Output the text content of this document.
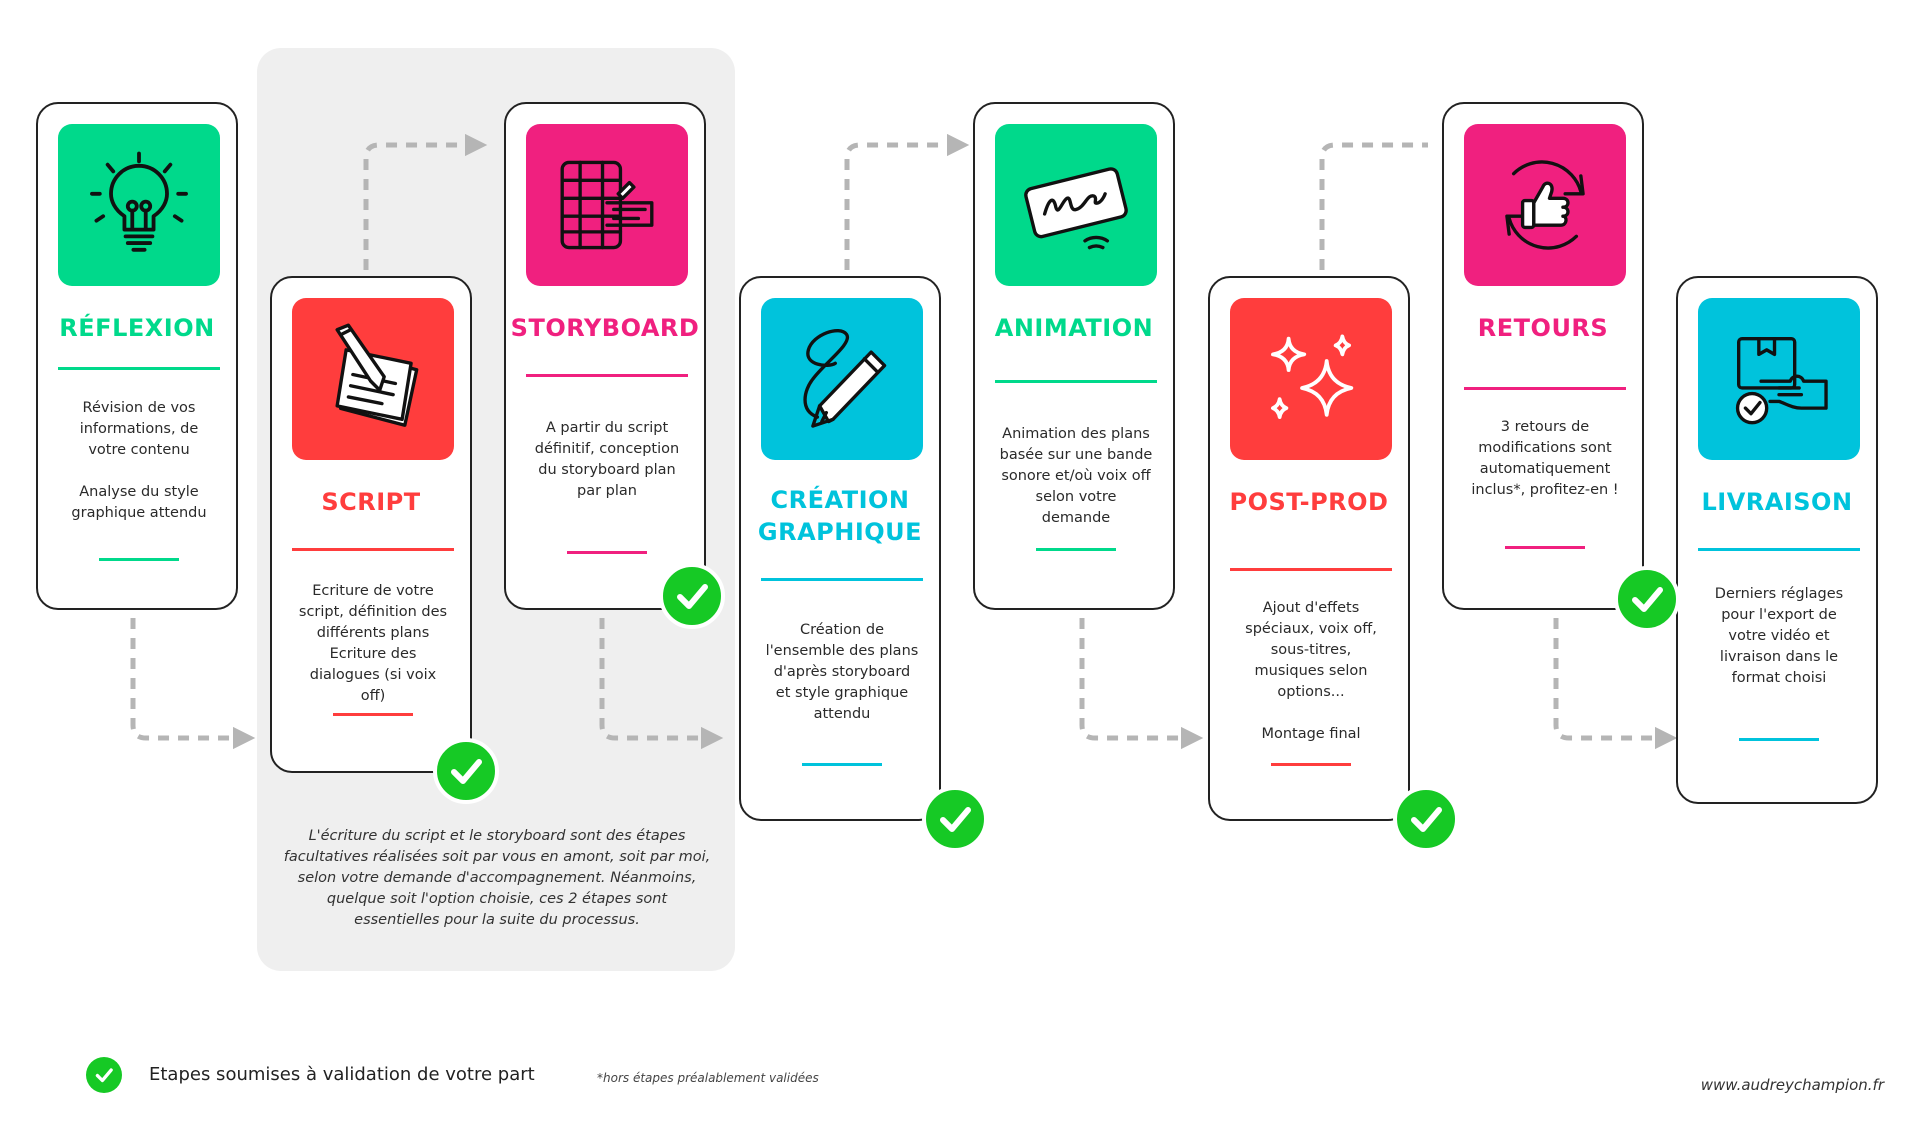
RÉFLEXION
Révision de vos
informations, de
votre contenu

Analyse du style
graphique attendu	SCRIPT
Ecriture de votre
script, définition des
différents plans
Ecriture des
dialogues (si voix
off)
STORYBOARD
A partir du script
définitif, conception
du storyboard plan
par plan	CRÉATION
GRAPHIQUE
Création de
l'ensemble des plans
d'après storyboard
et style graphique
attendu
ANIMATION
Animation des plans
basée sur une bande
sonore et/où voix off
selon votre
demande
POST-PROD
Ajout d'effets
spéciaux, voix off,
sous-titres,
musiques selon
options...

Montage final
RETOURS
3 retours de
modifications sont
automatiquement
inclus*, profitez-en !	LIVRAISON
Derniers réglages
pour l'export de
votre vidéo et
livraison dans le
format choisi
L'écriture du script et le storyboard sont des étapes facultatives réalisées soit par vous en amont, soit par moi, selon votre demande d'accompagnement. Néanmoins, quelque soit l'option choisie, ces 2 étapes sont essentielles pour la suite du processus.
Etapes soumises à validation de votre part	*hors étapes préalablement validées	www.audreychampion.fr
